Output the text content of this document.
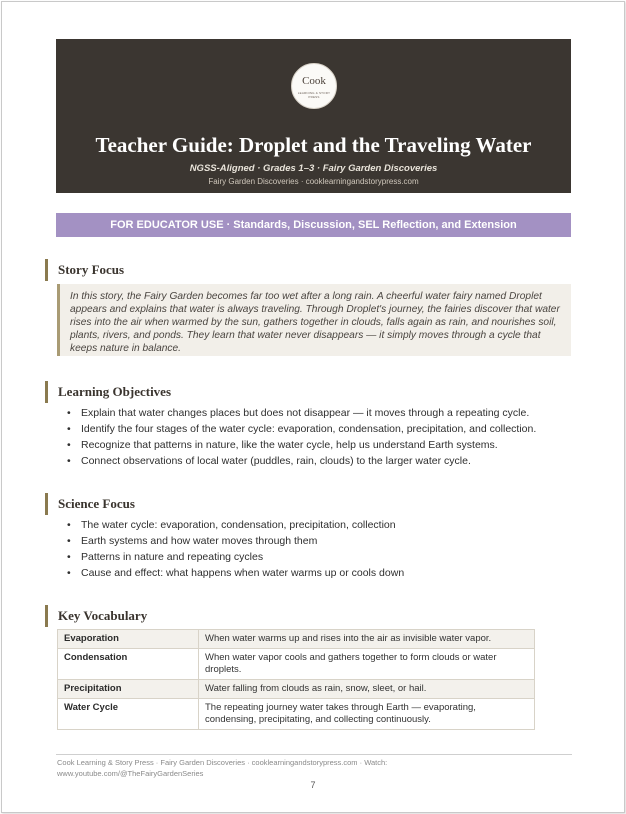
Cook
LEARNING & STORY PRESS
Teacher Guide: Droplet and the Traveling Water
NGSS-Aligned · Grades 1–3 · Fairy Garden Discoveries
Fairy Garden Discoveries · cooklearningandstorypress.com
FOR EDUCATOR USE · Standards, Discussion, SEL Reflection, and Extension
Story Focus
In this story, the Fairy Garden becomes far too wet after a long rain. A cheerful water fairy named Droplet appears and explains that water is always traveling. Through Droplet's journey, the fairies discover that water rises into the air when warmed by the sun, gathers together in clouds, falls again as rain, and nourishes soil, plants, rivers, and ponds. They learn that water never disappears — it simply moves through a cycle that keeps nature in balance.
Learning Objectives
• Explain that water changes places but does not disappear — it moves through a repeating cycle.
• Identify the four stages of the water cycle: evaporation, condensation, precipitation, and collection.
• Recognize that patterns in nature, like the water cycle, help us understand Earth systems.
• Connect observations of local water (puddles, rain, clouds) to the larger water cycle.
Science Focus
• The water cycle: evaporation, condensation, precipitation, collection
• Earth systems and how water moves through them
• Patterns in nature and repeating cycles
• Cause and effect: what happens when water warms up or cools down
Key Vocabulary
Evaporation	When water warms up and rises into the air as invisible water vapor.
Condensation	When water vapor cools and gathers together to form clouds or water droplets.
Precipitation	Water falling from clouds as rain, snow, sleet, or hail.
Water Cycle	The repeating journey water takes through Earth — evaporating, condensing, precipitating, and collecting continuously.
Cook Learning & Story Press · Fairy Garden Discoveries · cooklearningandstorypress.com · Watch: www.youtube.com/@TheFairyGardenSeries
7
